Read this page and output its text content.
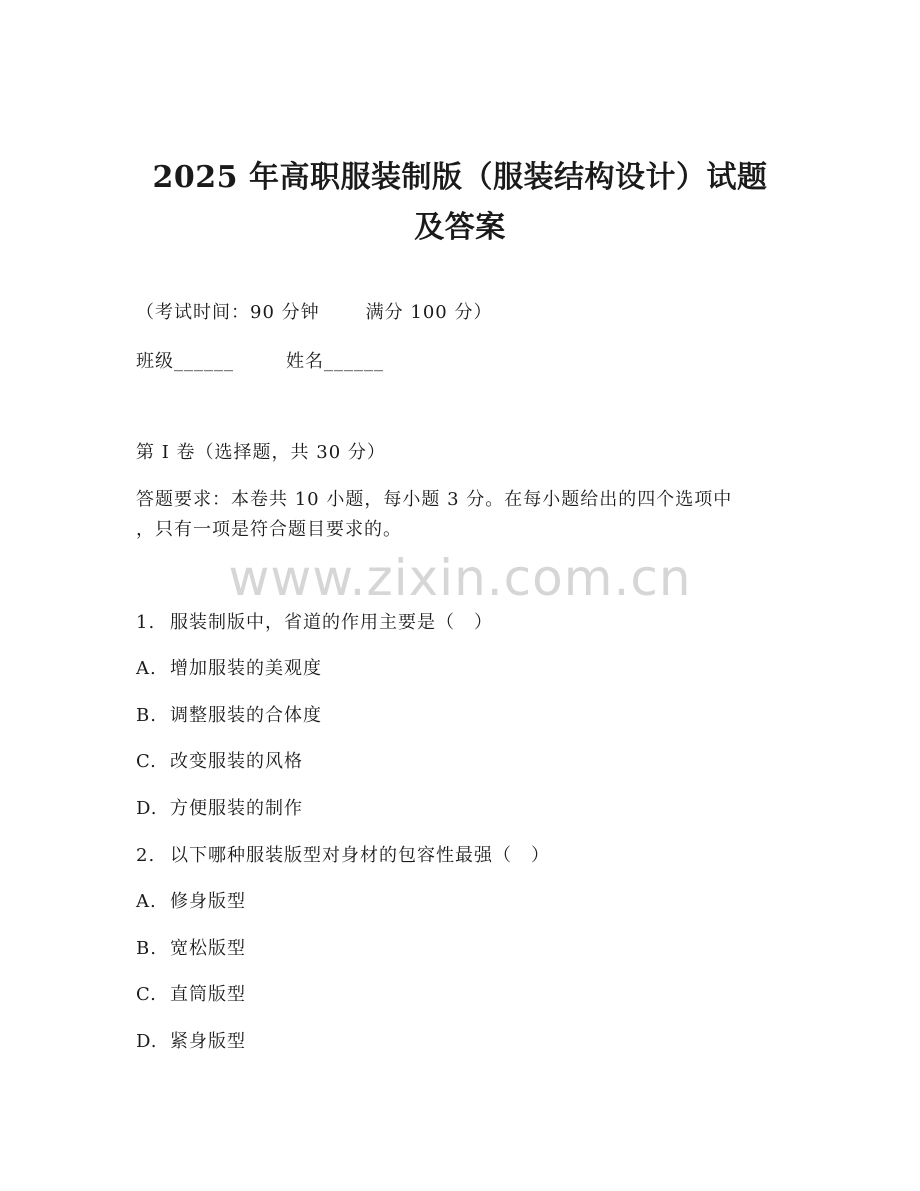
2025 年高职服装制版（服装结构设计）试题
及答案
（考试时间：90 分钟	满分 100 分）
班级______	姓名______
第 I 卷（选择题，共 30 分）
答题要求：本卷共 10 小题，每小题 3 分。在每小题给出的四个选项中
，只有一项是符合题目要求的。
www.zixin.com.cn
1. 服装制版中，省道的作用主要是（　）
A. 增加服装的美观度
B. 调整服装的合体度
C. 改变服装的风格
D. 方便服装的制作
2. 以下哪种服装版型对身材的包容性最强（　）
A. 修身版型
B. 宽松版型
C. 直筒版型
D. 紧身版型
